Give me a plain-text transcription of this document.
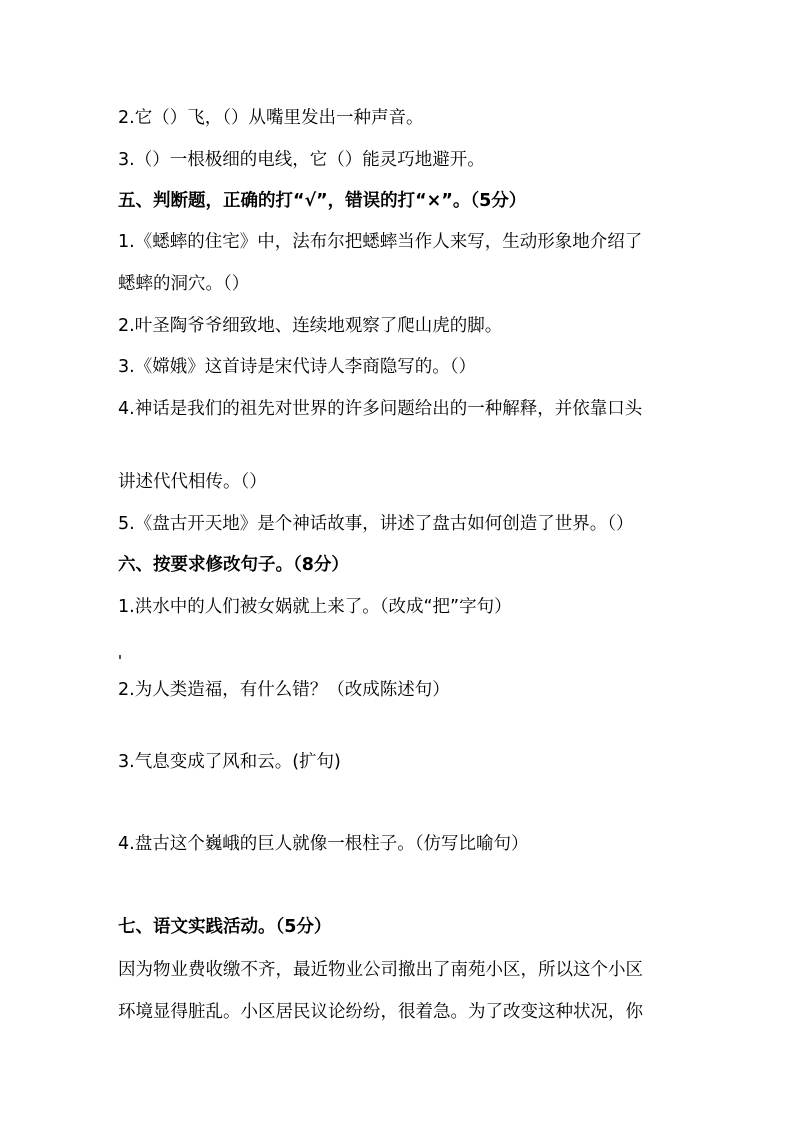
2.它（）飞，（）从嘴里发出一种声音。
3.（）一根极细的电线，它（）能灵巧地避开。
五、判断题，正确的打“√”，错误的打“×”。（5分）
1.《蟋蟀的住宅》中，法布尔把蟋蟀当作人来写，生动形象地介绍了
蟋蟀的洞穴。（）
2.叶圣陶爷爷细致地、连续地观察了爬山虎的脚。
3.《嫦娥》这首诗是宋代诗人李商隐写的。（）
4.神话是我们的祖先对世界的许多问题给出的一种解释，并依靠口头
讲述代代相传。（）
5.《盘古开天地》是个神话故事，讲述了盘古如何创造了世界。（）
六、按要求修改句子。（8分）
1.洪水中的人们被女娲就上来了。（改成“把”字句）
2.为人类造福，有什么错？（改成陈述句）
3.气息变成了风和云。(扩句)
4.盘古这个巍峨的巨人就像一根柱子。（仿写比喻句）
七、语文实践活动。（5分）
因为物业费收缴不齐，最近物业公司撤出了南苑小区，所以这个小区
环境显得脏乱。小区居民议论纷纷，很着急。为了改变这种状况，你
